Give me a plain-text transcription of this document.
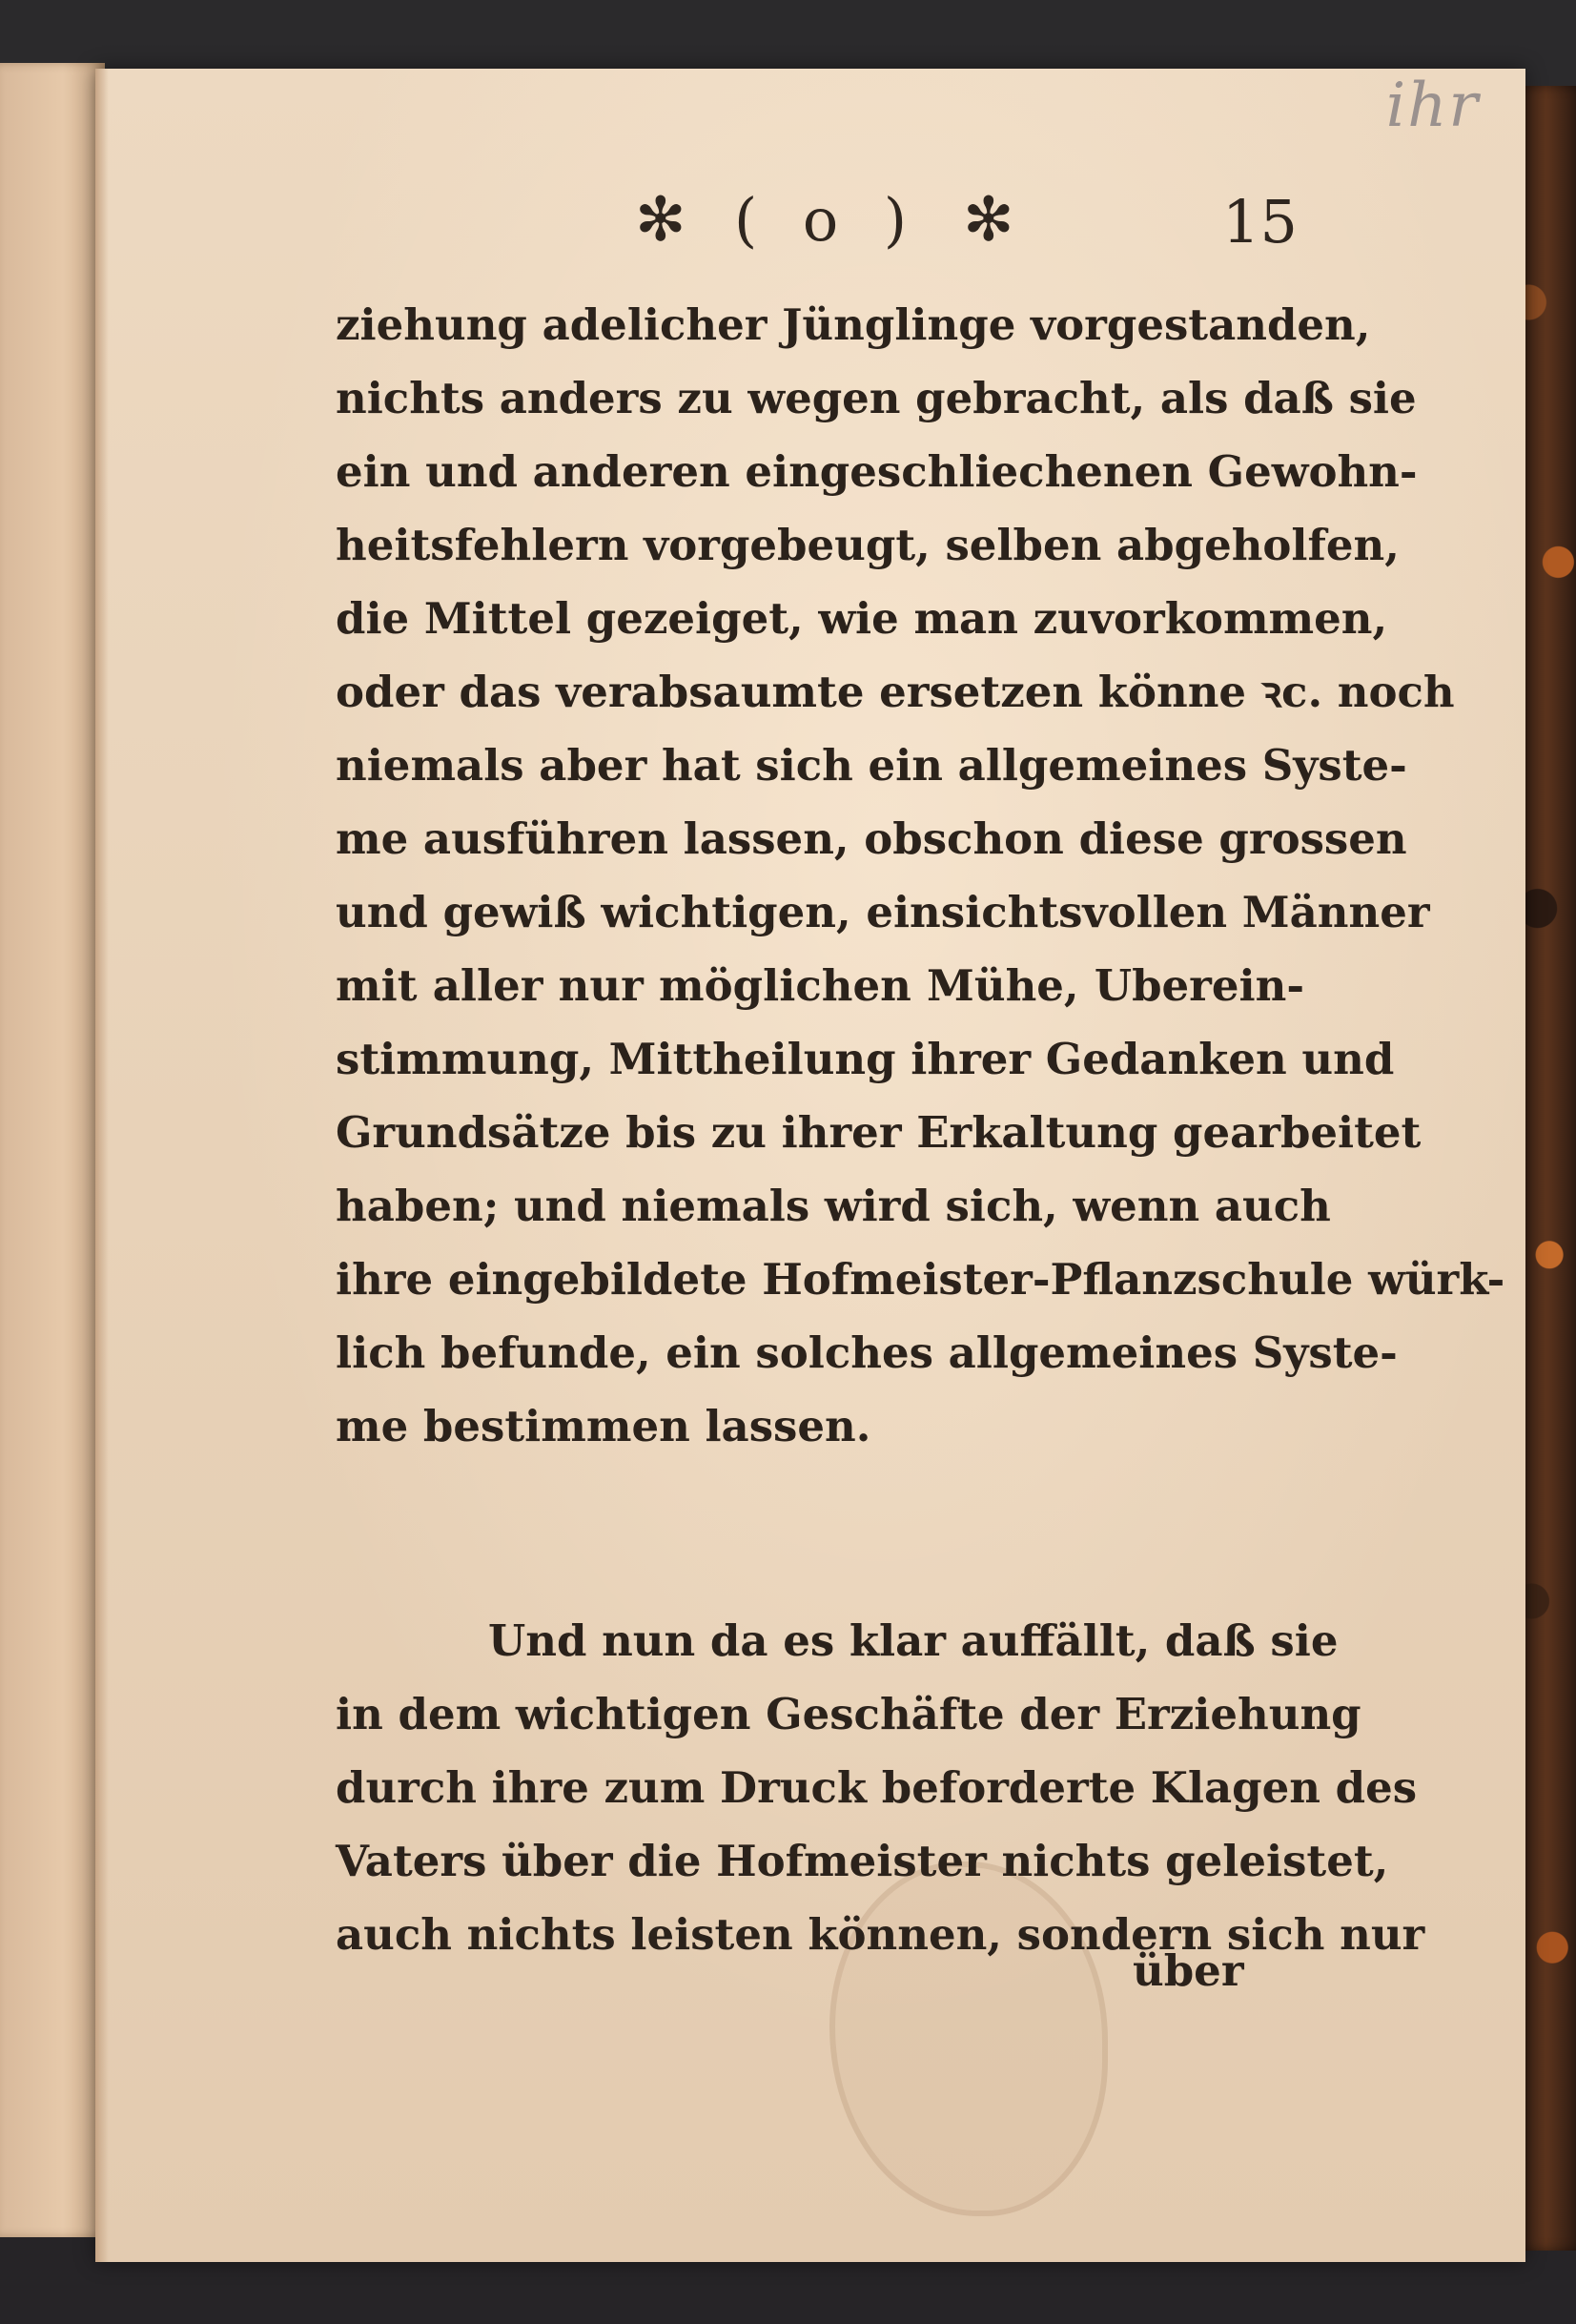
ihr
✻ ( o ) ✻	15
ziehung adelicher Jünglinge vorgestanden,
nichts anders zu wegen gebracht, als daß sie
ein und anderen eingeschliechenen Gewohn-
heitsfehlern vorgebeugt, selben abgeholfen,
die Mittel gezeiget, wie man zuvorkommen,
oder das verabsaumte ersetzen könne ꝛc. noch
niemals aber hat sich ein allgemeines Syste-
me ausführen lassen, obschon diese grossen
und gewiß wichtigen, einsichtsvollen Männer
mit aller nur möglichen Mühe, Uberein-
stimmung, Mittheilung ihrer Gedanken und
Grundsätze bis zu ihrer Erkaltung gearbeitet
haben; und niemals wird sich, wenn auch
ihre eingebildete Hofmeister-Pflanzschule würk-
lich befunde, ein solches allgemeines Syste-
me bestimmen lassen.
Und nun da es klar auffällt, daß sie
in dem wichtigen Geschäfte der Erziehung
durch ihre zum Druck beforderte Klagen des
Vaters über die Hofmeister nichts geleistet,
auch nichts leisten können, sondern sich nur
über
